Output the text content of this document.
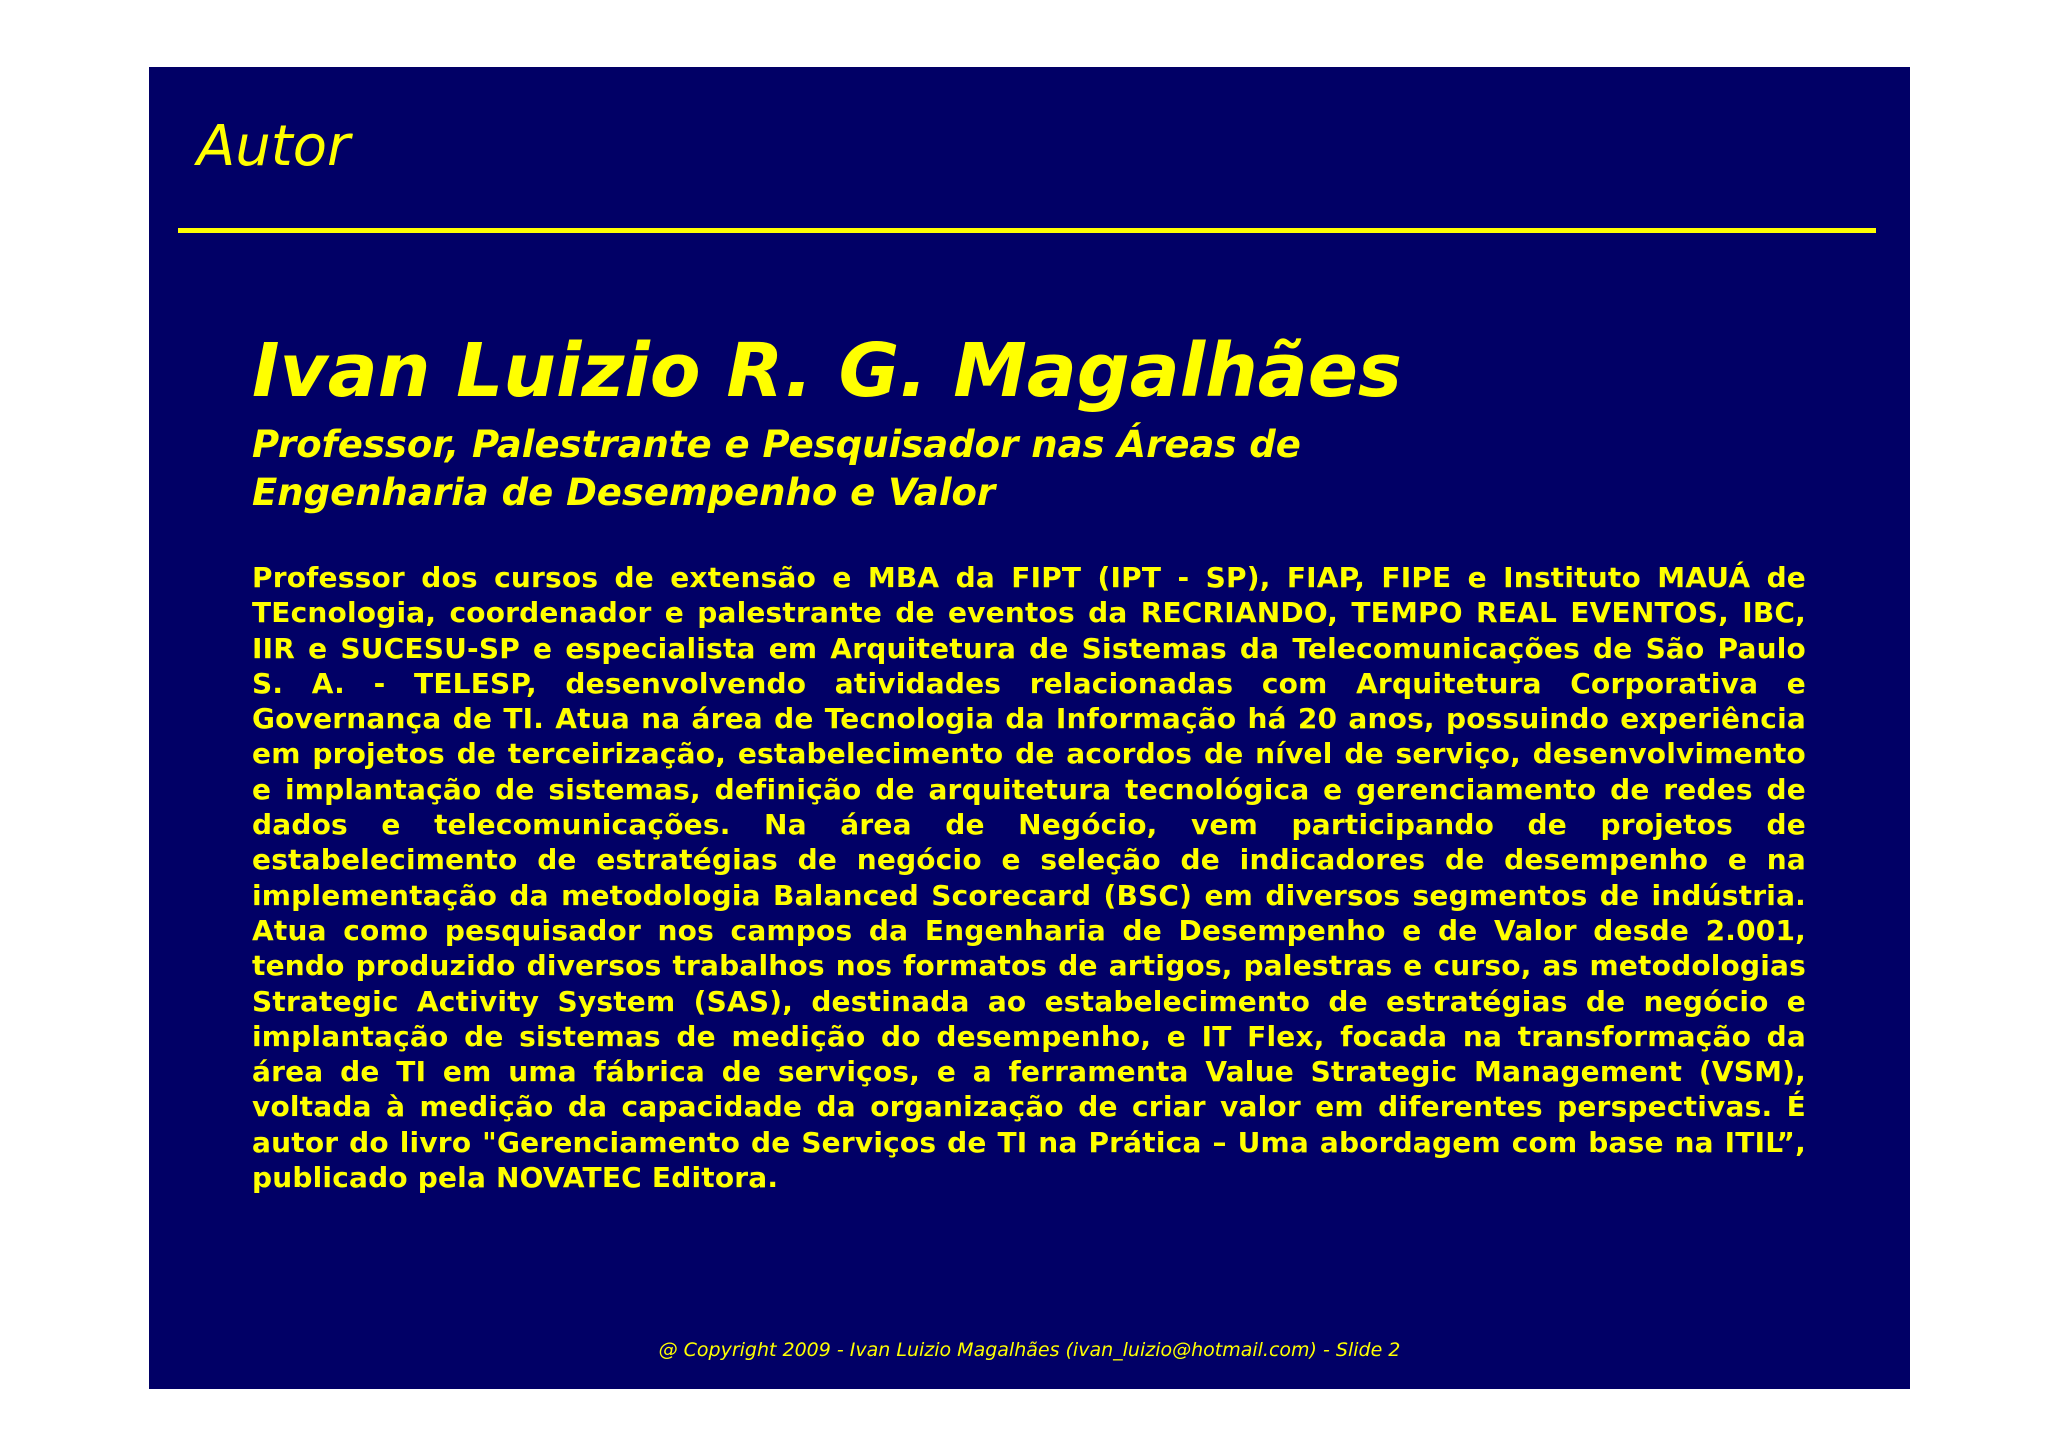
Autor
Ivan Luizio R. G. Magalhães
Professor, Palestrante e Pesquisador nas Áreas de
Engenharia de Desempenho e Valor

Professor dos cursos de extensão e MBA da FIPT (IPT - SP), FIAP, FIPE e Instituto MAUÁ de TEcnologia, coordenador e palestrante de eventos da RECRIANDO, TEMPO REAL EVENTOS, IBC, IIR e SUCESU-SP e especialista em Arquitetura de Sistemas da Telecomunicações de São Paulo S. A. - TELESP, desenvolvendo atividades relacionadas com Arquitetura Corporativa e Governança de TI. Atua na área de Tecnologia da Informação há 20 anos, possuindo experiência em projetos de terceirização, estabelecimento de acordos de nível de serviço, desenvolvimento e implantação de sistemas, definição de arquitetura tecnológica e gerenciamento de redes de dados e telecomunicações. Na área de Negócio, vem participando de projetos de estabelecimento de estratégias de negócio e seleção de indicadores de desempenho e na implementação da metodologia Balanced Scorecard (BSC) em diversos segmentos de indústria. Atua como pesquisador nos campos da Engenharia de Desempenho e de Valor desde 2.001, tendo produzido diversos trabalhos nos formatos de artigos, palestras e curso, as metodologias Strategic Activity System (SAS), destinada ao estabelecimento de estratégias de negócio e implantação de sistemas de medição do desempenho, e IT Flex, focada na transformação da área de TI em uma fábrica de serviços, e a ferramenta Value Strategic Management (VSM), voltada à medição da capacidade da organização de criar valor em diferentes perspectivas. É autor do livro "Gerenciamento de Serviços de TI na Prática – Uma abordagem com base na ITIL”, publicado pela NOVATEC Editora.

@ Copyright 2009 - Ivan Luizio Magalhães (ivan_luizio@hotmail.com) - Slide 2
